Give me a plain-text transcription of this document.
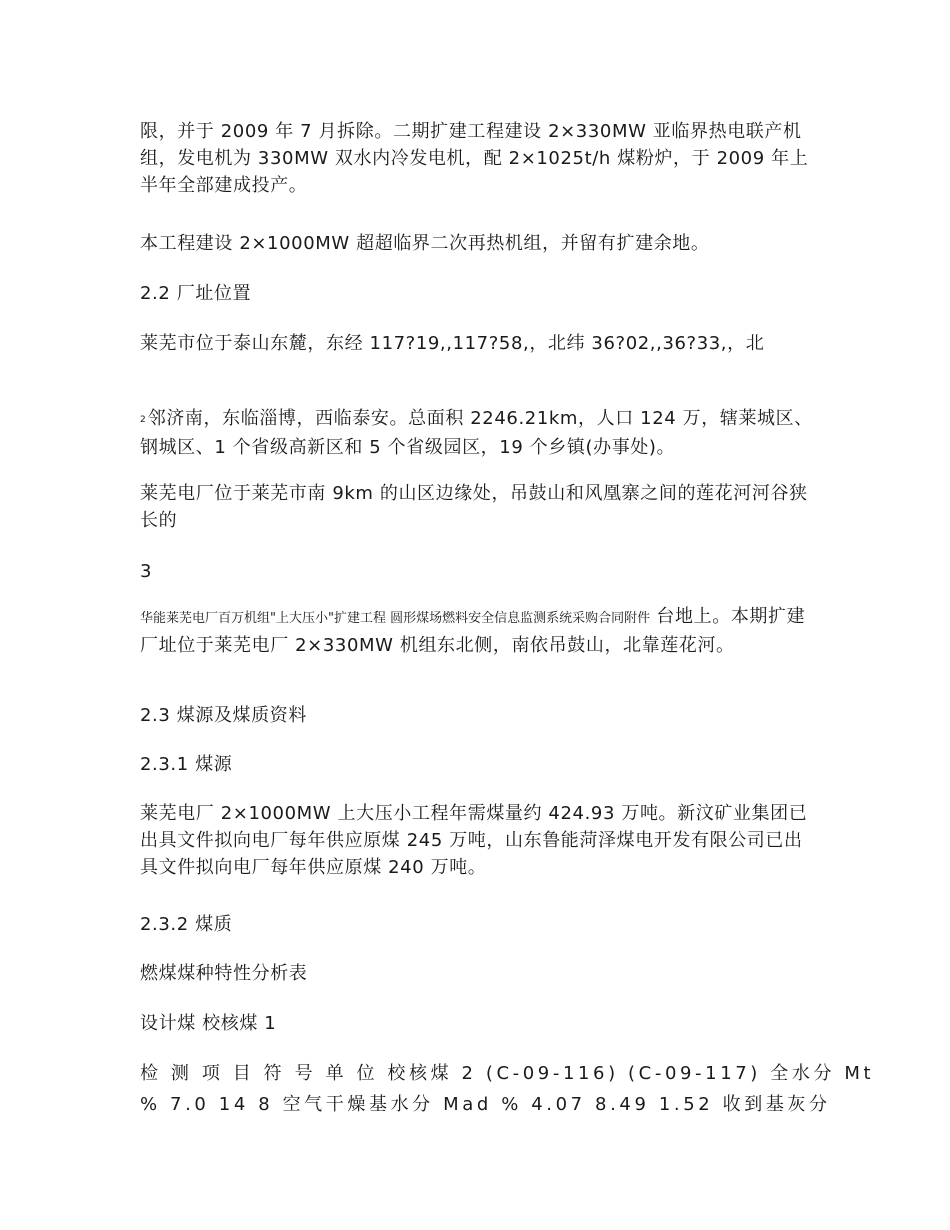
限，并于 2009 年 7 月拆除。二期扩建工程建设 2×330MW 亚临界热电联产机组，发电机为 330MW 双水内冷发电机，配 2×1025t/h 煤粉炉，于 2009 年上半年全部建成投产。

本工程建设 2×1000MW 超超临界二次再热机组，并留有扩建余地。

2.2 厂址位置

莱芜市位于泰山东麓，东经 117?19,,117?58,，北纬 36?02,,36?33,，北

$^2$ 邻济南，东临淄博，西临泰安。总面积 2246.21km，人口 124 万，辖莱城区、钢城区、1 个省级高新区和 5 个省级园区，19 个乡镇(办事处)。

莱芜电厂位于莱芜市南 9km 的山区边缘处，吊鼓山和风凰寨之间的莲花河河谷狭长的

3

华能莱芜电厂百万机组"上大压小"扩建工程 圆形煤场燃料安全信息监测系统采购合同附件 台地上。本期扩建厂址位于莱芜电厂 2×330MW 机组东北侧，南依吊鼓山，北靠莲花河。

2.3 煤源及煤质资料

2.3.1 煤源

莱芜电厂 2×1000MW 上大压小工程年需煤量约 424.93 万吨。新汶矿业集团已出具文件拟向电厂每年供应原煤 245 万吨，山东鲁能菏泽煤电开发有限公司已出具文件拟向电厂每年供应原煤 240 万吨。

2.3.2 煤质

燃煤煤种特性分析表

设计煤 校核煤 1

检 测 项 目 符 号 单 位 校核煤 2 (C-09-116) (C-09-117) 全水分 Mt

% 7.0 14 8 空气干燥基水分 Mad % 4.07 8.49 1.52 收到基灰分
